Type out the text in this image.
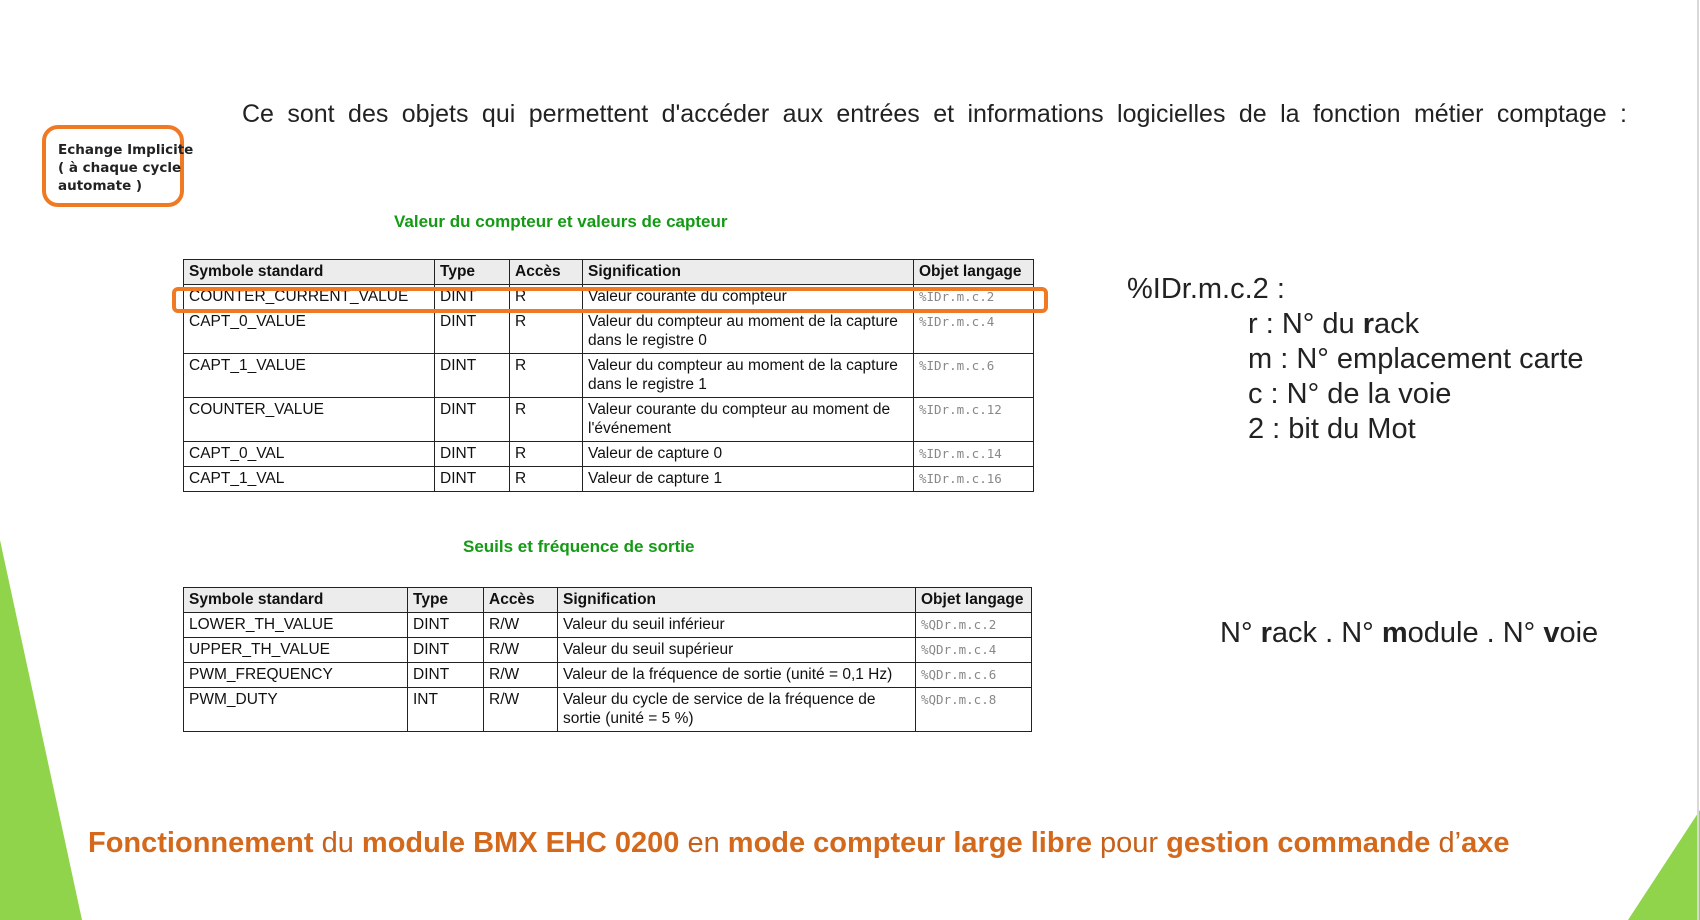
Echange Implicite
( à chaque cycle
automate )
Ce sont des objets qui permettent d'accéder aux entrées et informations logicielles de la fonction métier comptage :
Valeur du compteur et valeurs de capteur
Symbole standard	Type	Accès	Signification	Objet langage
COUNTER_CURRENT_VALUE	DINT	R	Valeur courante du compteur	%IDr.m.c.2
CAPT_0_VALUE	DINT	R	Valeur du compteur au moment de la capture dans le registre 0	%IDr.m.c.4
CAPT_1_VALUE	DINT	R	Valeur du compteur au moment de la capture dans le registre 1	%IDr.m.c.6
COUNTER_VALUE	DINT	R	Valeur courante du compteur au moment de l'événement	%IDr.m.c.12
CAPT_0_VAL	DINT	R	Valeur de capture 0	%IDr.m.c.14
CAPT_1_VAL	DINT	R	Valeur de capture 1	%IDr.m.c.16
Seuils et fréquence de sortie
Symbole standard	Type	Accès	Signification	Objet langage
LOWER_TH_VALUE	DINT	R/W	Valeur du seuil inférieur	%QDr.m.c.2
UPPER_TH_VALUE	DINT	R/W	Valeur du seuil supérieur	%QDr.m.c.4
PWM_FREQUENCY	DINT	R/W	Valeur de la fréquence de sortie (unité = 0,1 Hz)	%QDr.m.c.6
PWM_DUTY	INT	R/W	Valeur du cycle de service de la fréquence de sortie (unité = 5 %)	%QDr.m.c.8
%IDr.m.c.2 :
r : N° du rack
m : N° emplacement carte
c : N° de la voie
2 : bit du Mot
N° rack . N° module . N° voie
Fonctionnement du module BMX EHC 0200 en mode compteur large libre pour gestion commande d’axe
